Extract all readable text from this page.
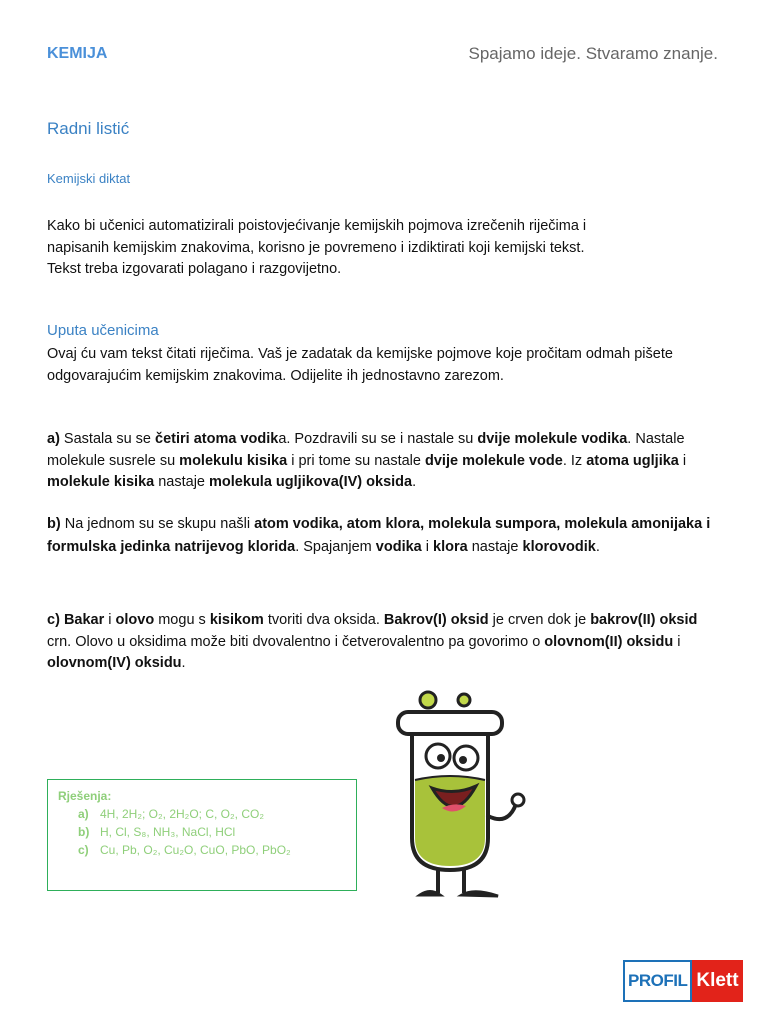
KEMIJA	Spajamo ideje. Stvaramo znanje.
Radni listić
Kemijski diktat
Kako bi učenici automatizirali poistovjećivanje kemijskih pojmova izrečenih riječima i
napisanih kemijskim znakovima, korisno je povremeno i izdiktirati koji kemijski tekst.
Tekst treba izgovarati polagano i razgovijetno.
Uputa učenicima
Ovaj ću vam tekst čitati riječima. Vaš je zadatak da kemijske pojmove koje pročitam odmah pišete odgovarajućim kemijskim znakovima. Odijelite ih jednostavno zarezom.
a) Sastala su se četiri atoma vodika. Pozdravili su se i nastale su dvije molekule vodika. Nastale molekule susrele su molekulu kisika i pri tome su nastale dvije molekule vode. Iz atoma ugljika i molekule kisika nastaje molekula ugljikova(IV) oksida.
b) Na jednom su se skupu našli atom vodika, atom klora, molekula sumpora, molekula amonijaka i formulska jedinka natrijevog klorida. Spajanjem vodika i klora nastaje klorovodik.
c) Bakar i olovo mogu s kisikom tvoriti dva oksida. Bakrov(I) oksid je crven dok je bakrov(II) oksid crn. Olovo u oksidima može biti dvovalentno i četverovalentno pa govorimo o olovnom(II) oksidu i olovnom(IV) oksidu.
Rješenja:
a) 4H, 2H₂; O₂, 2H₂O; C, O₂, CO₂
b) H, Cl, S₈, NH₃, NaCl, HCl
c) Cu, Pb, O₂, Cu₂O, CuO, PbO, PbO₂
PROFIL Klett
